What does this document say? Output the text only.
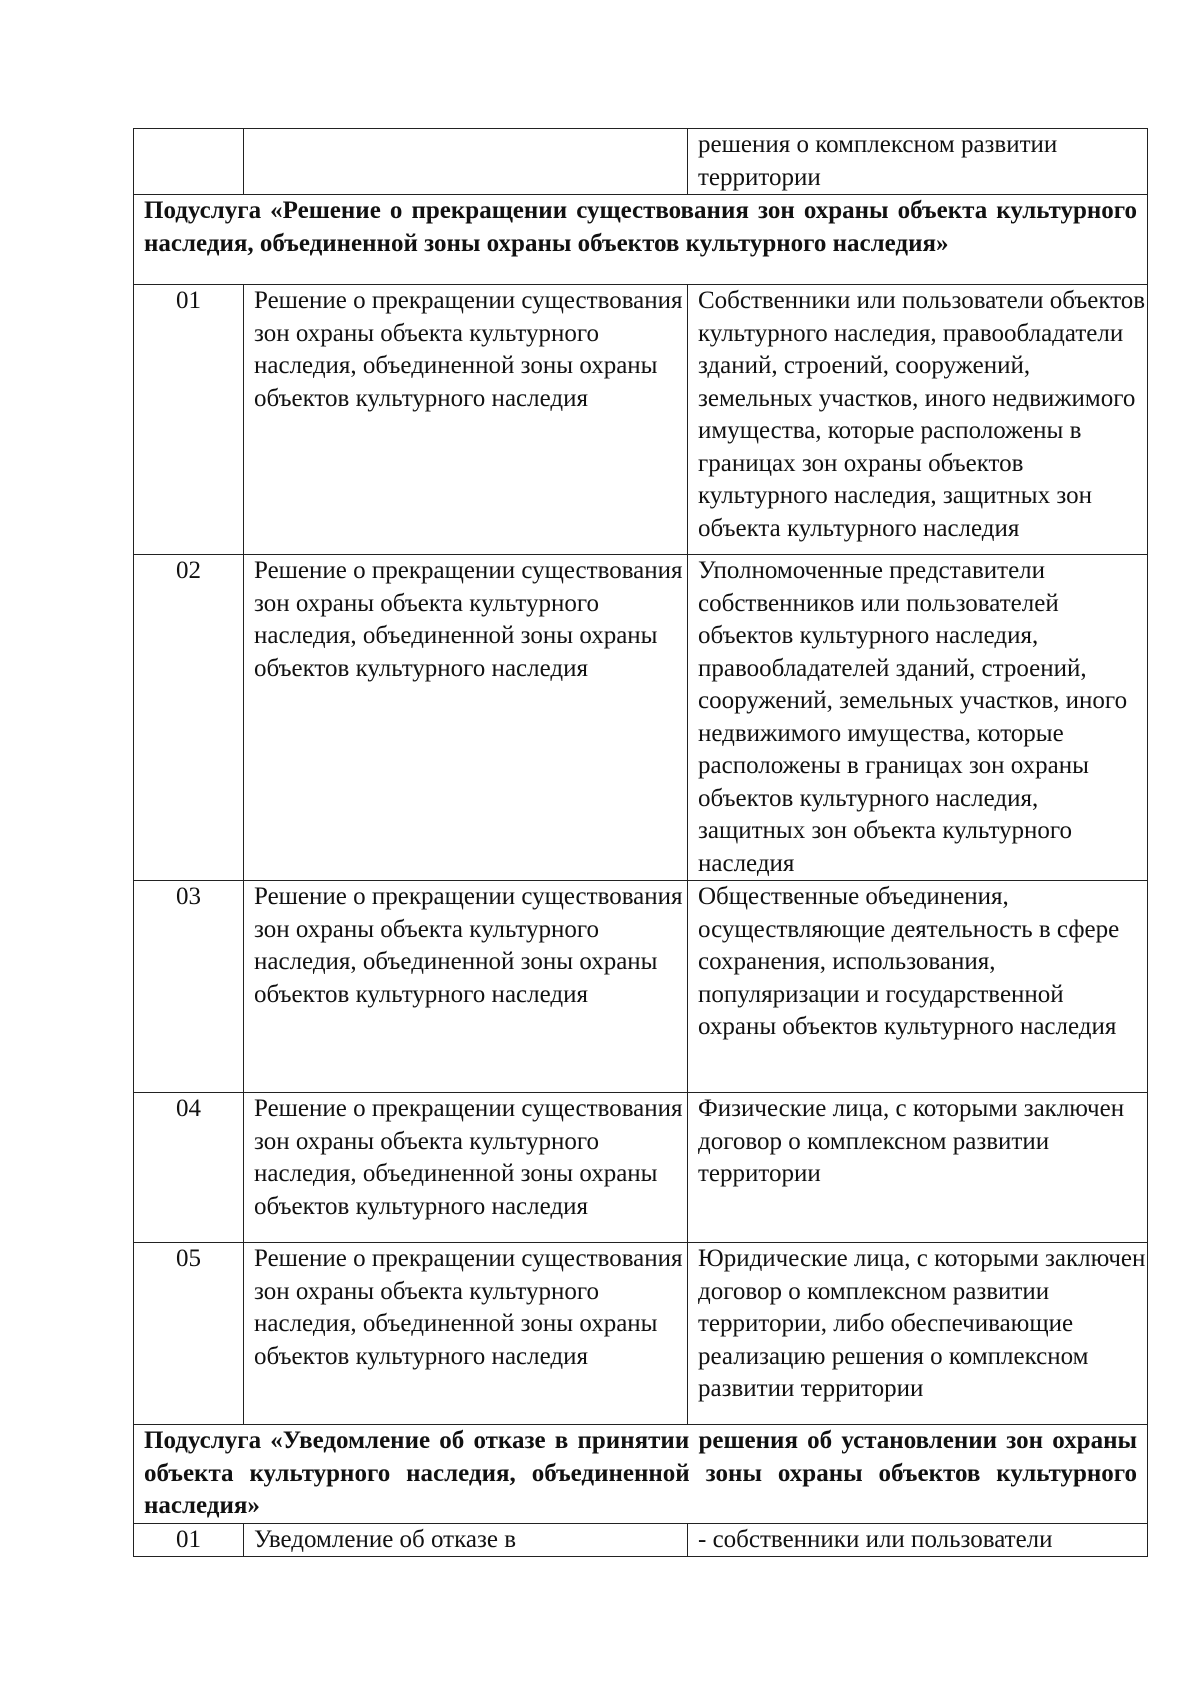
		решения о комплексном развитии территории

Подуслуга «Решение о прекращении существования зон охраны объекта культурного наследия, объединенной зоны охраны объектов культурного наследия»		
01	Решение о прекращении существования зон охраны объекта культурного наследия, объединенной зоны охраны объектов культурного наследия	Собственники или пользователи объектов культурного наследия, правообладатели зданий, строений, сооружений, земельных участков, иного недвижимого имущества, которые расположены в границах зон охраны объектов культурного наследия, защитных зон объекта культурного наследия

02	Решение о прекращении существования зон охраны объекта культурного наследия, объединенной зоны охраны объектов культурного наследия	Уполномоченные представители собственников или пользователей объектов культурного наследия, правообладателей зданий, строений, сооружений, земельных участков, иного недвижимого имущества, которые расположены в границах зон охраны объектов культурного наследия, защитных зон объекта культурного наследия

03	Решение о прекращении существования зон охраны объекта культурного наследия, объединенной зоны охраны объектов культурного наследия	Общественные объединения, осуществляющие деятельность в сфере сохранения, использования, популяризации и государственной охраны объектов культурного наследия

04	Решение о прекращении существования зон охраны объекта культурного наследия, объединенной зоны охраны объектов культурного наследия	Физические лица, с которыми заключен договор о комплексном развитии территории

05	Решение о прекращении существования зон охраны объекта культурного наследия, объединенной зоны охраны объектов культурного наследия	Юридические лица, с которыми заключен договор о комплексном развитии территории, либо обеспечивающие реализацию решения о комплексном развитии территории

Подуслуга «Уведомление об отказе в принятии решения об установлении зон охраны объекта культурного наследия, объединенной зоны охраны объектов культурного наследия»		
01	Уведомление об отказе в	- собственники или пользователи
